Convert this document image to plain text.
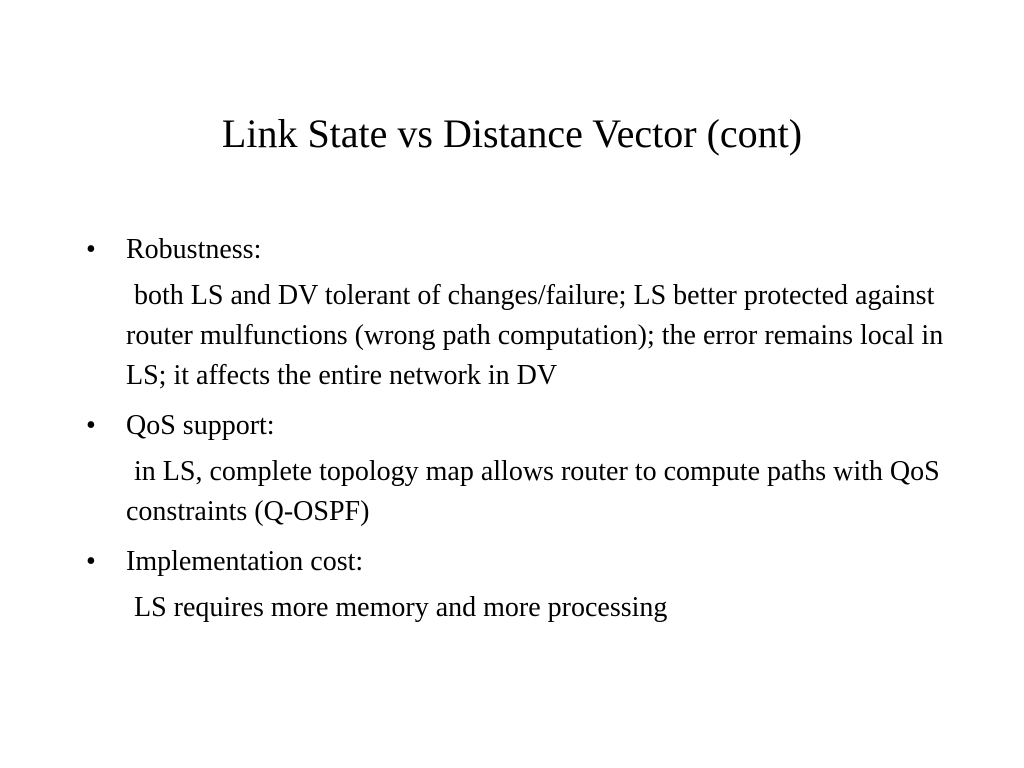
Link State vs Distance Vector (cont)
•	Robustness:
both LS and DV tolerant of changes/failure; LS better protected against router mulfunctions (wrong path computation); the error remains local in LS; it affects the entire network in DV
•	QoS support:
in LS, complete topology map allows router to compute paths with QoS constraints (Q-OSPF)
•	Implementation cost:
LS requires more memory and more processing
